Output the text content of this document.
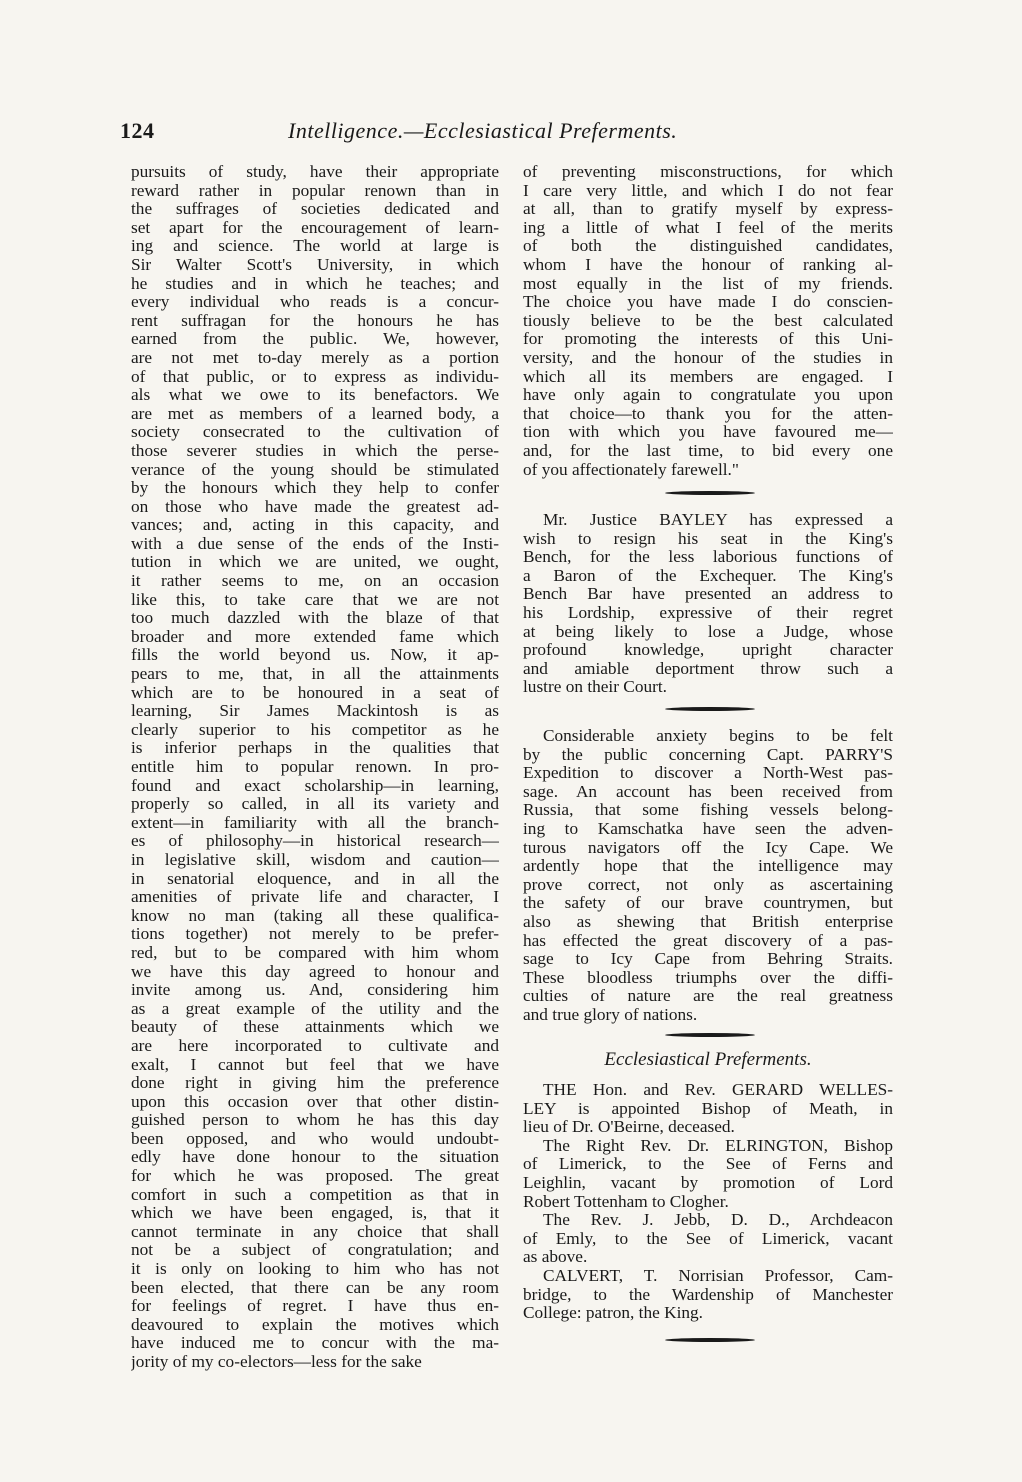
124	Intelligence.—Ecclesiastical Preferments.
pursuits of study, have their appropriate
reward rather in popular renown than in
the suffrages of societies dedicated and
set apart for the encouragement of learn-
ing and science. The world at large is
Sir Walter Scott's University, in which
he studies and in which he teaches; and
every individual who reads is a concur-
rent suffragan for the honours he has
earned from the public. We, however,
are not met to-day merely as a portion
of that public, or to express as individu-
als what we owe to its benefactors. We
are met as members of a learned body, a
society consecrated to the cultivation of
those severer studies in which the perse-
verance of the young should be stimulated
by the honours which they help to confer
on those who have made the greatest ad-
vances; and, acting in this capacity, and
with a due sense of the ends of the Insti-
tution in which we are united, we ought,
it rather seems to me, on an occasion
like this, to take care that we are not
too much dazzled with the blaze of that
broader and more extended fame which
fills the world beyond us. Now, it ap-
pears to me, that, in all the attainments
which are to be honoured in a seat of
learning, Sir James Mackintosh is as
clearly superior to his competitor as he
is inferior perhaps in the qualities that
entitle him to popular renown. In pro-
found and exact scholarship—in learning,
properly so called, in all its variety and
extent—in familiarity with all the branch-
es of philosophy—in historical research—
in legislative skill, wisdom and caution—
in senatorial eloquence, and in all the
amenities of private life and character, I
know no man (taking all these qualifica-
tions together) not merely to be prefer-
red, but to be compared with him whom
we have this day agreed to honour and
invite among us. And, considering him
as a great example of the utility and the
beauty of these attainments which we
are here incorporated to cultivate and
exalt, I cannot but feel that we have
done right in giving him the preference
upon this occasion over that other distin-
guished person to whom he has this day
been opposed, and who would undoubt-
edly have done honour to the situation
for which he was proposed. The great
comfort in such a competition as that in
which we have been engaged, is, that it
cannot terminate in any choice that shall
not be a subject of congratulation; and
it is only on looking to him who has not
been elected, that there can be any room
for feelings of regret. I have thus en-
deavoured to explain the motives which
have induced me to concur with the ma-
jority of my co-electors—less for the sake
of preventing misconstructions, for which
I care very little, and which I do not fear
at all, than to gratify myself by express-
ing a little of what I feel of the merits
of both the distinguished candidates,
whom I have the honour of ranking al-
most equally in the list of my friends.
The choice you have made I do conscien-
tiously believe to be the best calculated
for promoting the interests of this Uni-
versity, and the honour of the studies in
which all its members are engaged. I
have only again to congratulate you upon
that choice—to thank you for the atten-
tion with which you have favoured me—
and, for the last time, to bid every one
of you affectionately farewell."
Mr. Justice BAYLEY has expressed a
wish to resign his seat in the King's
Bench, for the less laborious functions of
a Baron of the Exchequer. The King's
Bench Bar have presented an address to
his Lordship, expressive of their regret
at being likely to lose a Judge, whose
profound knowledge, upright character
and amiable deportment throw such a
lustre on their Court.
Considerable anxiety begins to be felt
by the public concerning Capt. PARRY'S
Expedition to discover a North-West pas-
sage. An account has been received from
Russia, that some fishing vessels belong-
ing to Kamschatka have seen the adven-
turous navigators off the Icy Cape. We
ardently hope that the intelligence may
prove correct, not only as ascertaining
the safety of our brave countrymen, but
also as shewing that British enterprise
has effected the great discovery of a pas-
sage to Icy Cape from Behring Straits.
These bloodless triumphs over the diffi-
culties of nature are the real greatness
and true glory of nations.
Ecclesiastical Preferments.
THE Hon. and Rev. GERARD WELLES-
LEY is appointed Bishop of Meath, in
lieu of Dr. O'Beirne, deceased.
The Right Rev. Dr. ELRINGTON, Bishop
of Limerick, to the See of Ferns and
Leighlin, vacant by promotion of Lord
Robert Tottenham to Clogher.
The Rev. J. Jebb, D. D., Archdeacon
of Emly, to the See of Limerick, vacant
as above.
CALVERT, T. Norrisian Professor, Cam-
bridge, to the Wardenship of Manchester
College: patron, the King.
